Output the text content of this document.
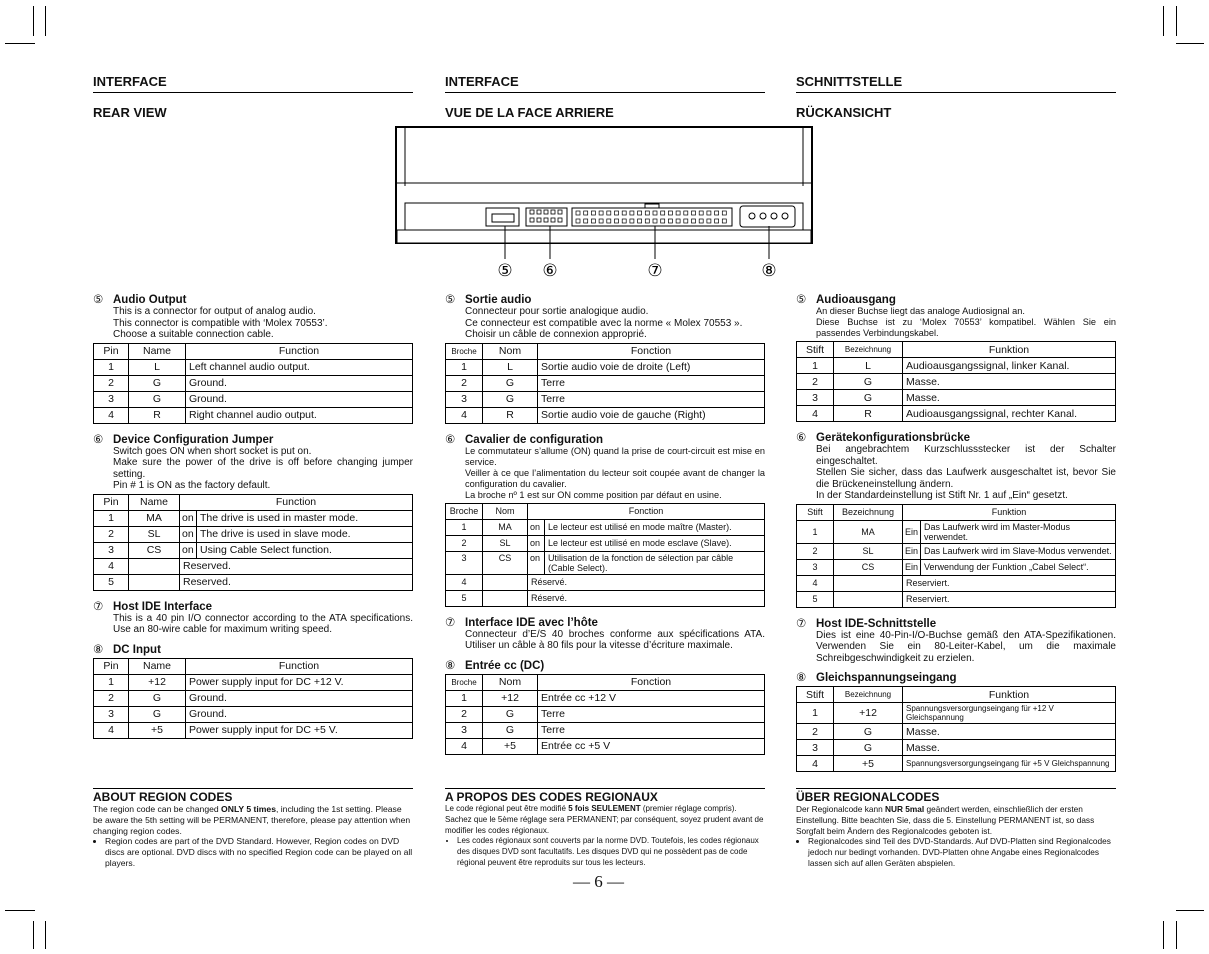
⑤ ⑥	⑦	⑧
INTERFACE
REAR VIEW
⑤ Audio Output
This is a connector for output of analog audio.
This connector is compatible with ‘Molex 70553’.
Choose a suitable connection cable.
Pin	Name	Function
1	L	Left channel audio output.
2	G	Ground.
3	G	Ground.
4	R	Right channel audio output.
⑥ Device Configuration Jumper
Switch goes ON when short socket is put on.
Make sure the power of the drive is off before changing jumper setting.
Pin # 1 is ON as the factory default.
Pin	Name	Function	
1	MA	on	The drive is used in master mode.
2	SL	on	The drive is used in slave mode.
3	CS	on	Using Cable Select function.
4		Reserved.	
5		Reserved.	
⑦ Host IDE Interface
This is a 40 pin I/O connector according to the ATA specifications. Use an 80-wire cable for maximum writing speed.
⑧ DC Input
Pin	Name	Function
1	+12	Power supply input for DC +12 V.
2	G	Ground.
3	G	Ground.
4	+5	Power supply input for DC +5 V.
ABOUT REGION CODES
The region code can be changed ONLY 5 times, including the 1st setting. Please be aware the 5th setting will be PERMANENT, therefore, please pay attention when changing region codes.
• Region codes are part of the DVD Standard. However, Region codes on DVD discs are optional. DVD discs with no specified Region code can be played on all players.
INTERFACE
VUE DE LA FACE ARRIERE
⑤ Sortie audio
Connecteur pour sortie analogique audio.
Ce connecteur est compatible avec la norme « Molex 70553 ».
Choisir un câble de connexion approprié.
Broche	Nom	Fonction
1	L	Sortie audio voie de droite (Left)
2	G	Terre
3	G	Terre
4	R	Sortie audio voie de gauche (Right)
⑥ Cavalier de configuration
Le commutateur s’allume (ON) quand la prise de court-circuit est mise en service.
Veiller à ce que l’alimentation du lecteur soit coupée avant de changer la configuration du cavalier.
La broche nº 1 est sur ON comme position par défaut en usine.
Broche	Nom	Fonction	
1	MA	on	Le lecteur est utilisé en mode maître (Master).
2	SL	on	Le lecteur est utilisé en mode esclave (Slave).
3	CS	on	Utilisation de la fonction de sélection par câble (Cable Select).
4		Réservé.	
5		Réservé.	
⑦ Interface IDE avec l’hôte
Connecteur d’E/S 40 broches conforme aux spécifications ATA. Utiliser un câble à 80 fils pour la vitesse d’écriture maximale.
⑧ Entrée cc (DC)
Broche	Nom	Fonction
1	+12	Entrée cc +12 V
2	G	Terre
3	G	Terre
4	+5	Entrée cc +5 V
A PROPOS DES CODES REGIONAUX
Le code régional peut être modifié 5 fois SEULEMENT (premier réglage compris). Sachez que le 5ème réglage sera PERMANENT; par conséquent, soyez prudent avant de modifier les codes régionaux.
• Les codes régionaux sont couverts par la norme DVD. Toutefois, les codes régionaux des disques DVD sont facultatifs. Les disques DVD qui ne possèdent pas de code régional peuvent être reproduits sur tous les lecteurs.
SCHNITTSTELLE
RÜCKANSICHT
⑤ Audioausgang
An dieser Buchse liegt das analoge Audiosignal an.
Diese Buchse ist zu ‘Molex 70553’ kompatibel. Wählen Sie ein passendes Verbindungskabel.
Stift	Bezeichnung	Funktion
1	L	Audioausgangssignal, linker Kanal.
2	G	Masse.
3	G	Masse.
4	R	Audioausgangssignal, rechter Kanal.
⑥ Gerätekonfigurationsbrücke
Bei angebrachtem Kurzschlussstecker ist der Schalter eingeschaltet.
Stellen Sie sicher, dass das Laufwerk ausgeschaltet ist, bevor Sie die Brückeneinstellung ändern.
In der Standardeinstellung ist Stift Nr. 1 auf „Ein“ gesetzt.
Stift	Bezeichnung	Funktion	
1	MA	Ein	Das Laufwerk wird im Master-Modus verwendet.
2	SL	Ein	Das Laufwerk wird im Slave-Modus verwendet.
3	CS	Ein	Verwendung der Funktion „Cabel Select“.
4		Reserviert.	
5		Reserviert.	
⑦ Host IDE-Schnittstelle
Dies ist eine 40-Pin-I/O-Buchse gemäß den ATA-Spezifikationen. Verwenden Sie ein 80-Leiter-Kabel, um die maximale Schreibgeschwindigkeit zu erzielen.
⑧ Gleichspannungseingang
Stift	Bezeichnung	Funktion
1	+12	Spannungsversorgungseingang für +12 V Gleichspannung
2	G	Masse.
3	G	Masse.
4	+5	Spannungsversorgungseingang für +5 V Gleichspannung
ÜBER REGIONALCODES
Der Regionalcode kann NUR 5mal geändert werden, einschließlich der ersten Einstellung. Bitte beachten Sie, dass die 5. Einstellung PERMANENT ist, so dass Sorgfalt beim Ändern des Regionalcodes geboten ist.
• Regionalcodes sind Teil des DVD-Standards. Auf DVD-Platten sind Regionalcodes jedoch nur bedingt vorhanden. DVD-Platten ohne Angabe eines Regionalcodes lassen sich auf allen Geräten abspielen.
— 6 —
